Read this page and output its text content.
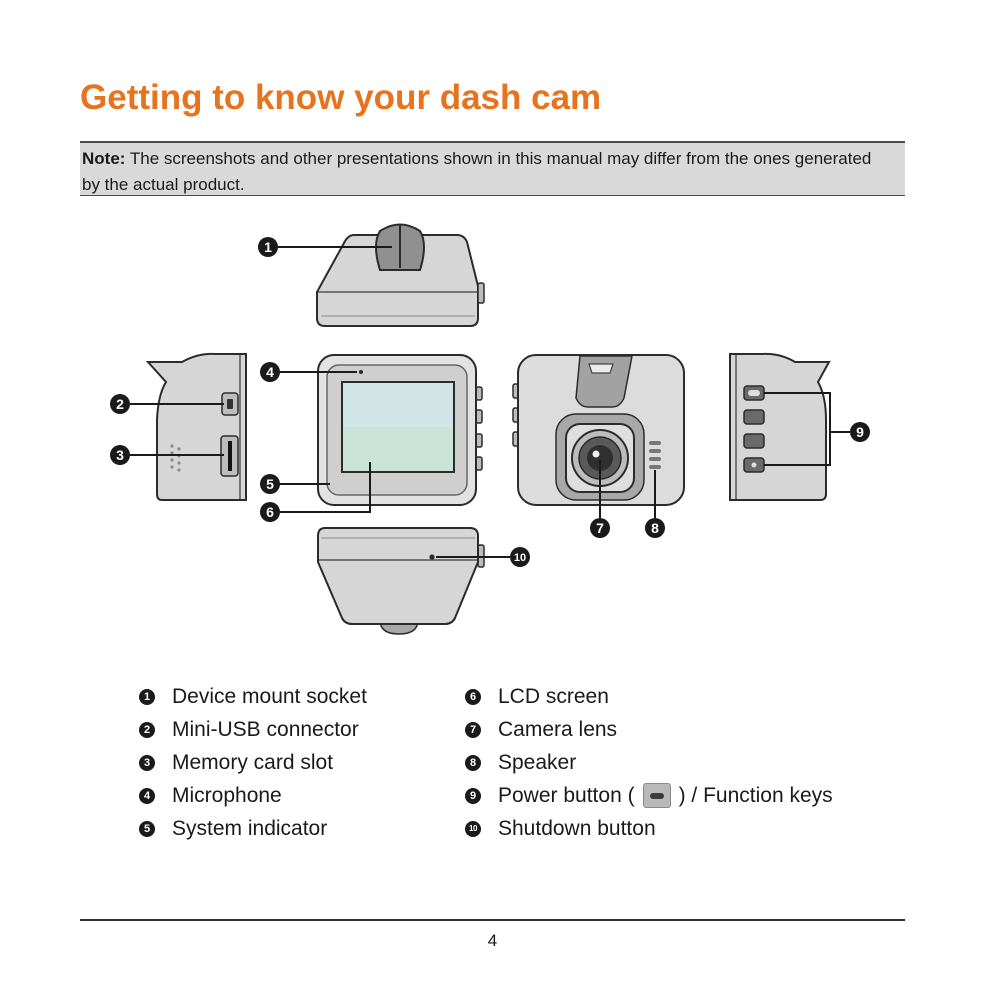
Getting to know your dash cam

Note: The screenshots and other presentations shown in this manual may differ from the ones generated by the actual product.

1
2
3
4
5
6
7	8
9
10
1 Device mount socket
2 Mini-USB connector
3 Memory card slot
4 Microphone
5 System indicator
6 LCD screen
7 Camera lens
8 Speaker
9 Power button ( ) / Function keys
10 Shutdown button
4
